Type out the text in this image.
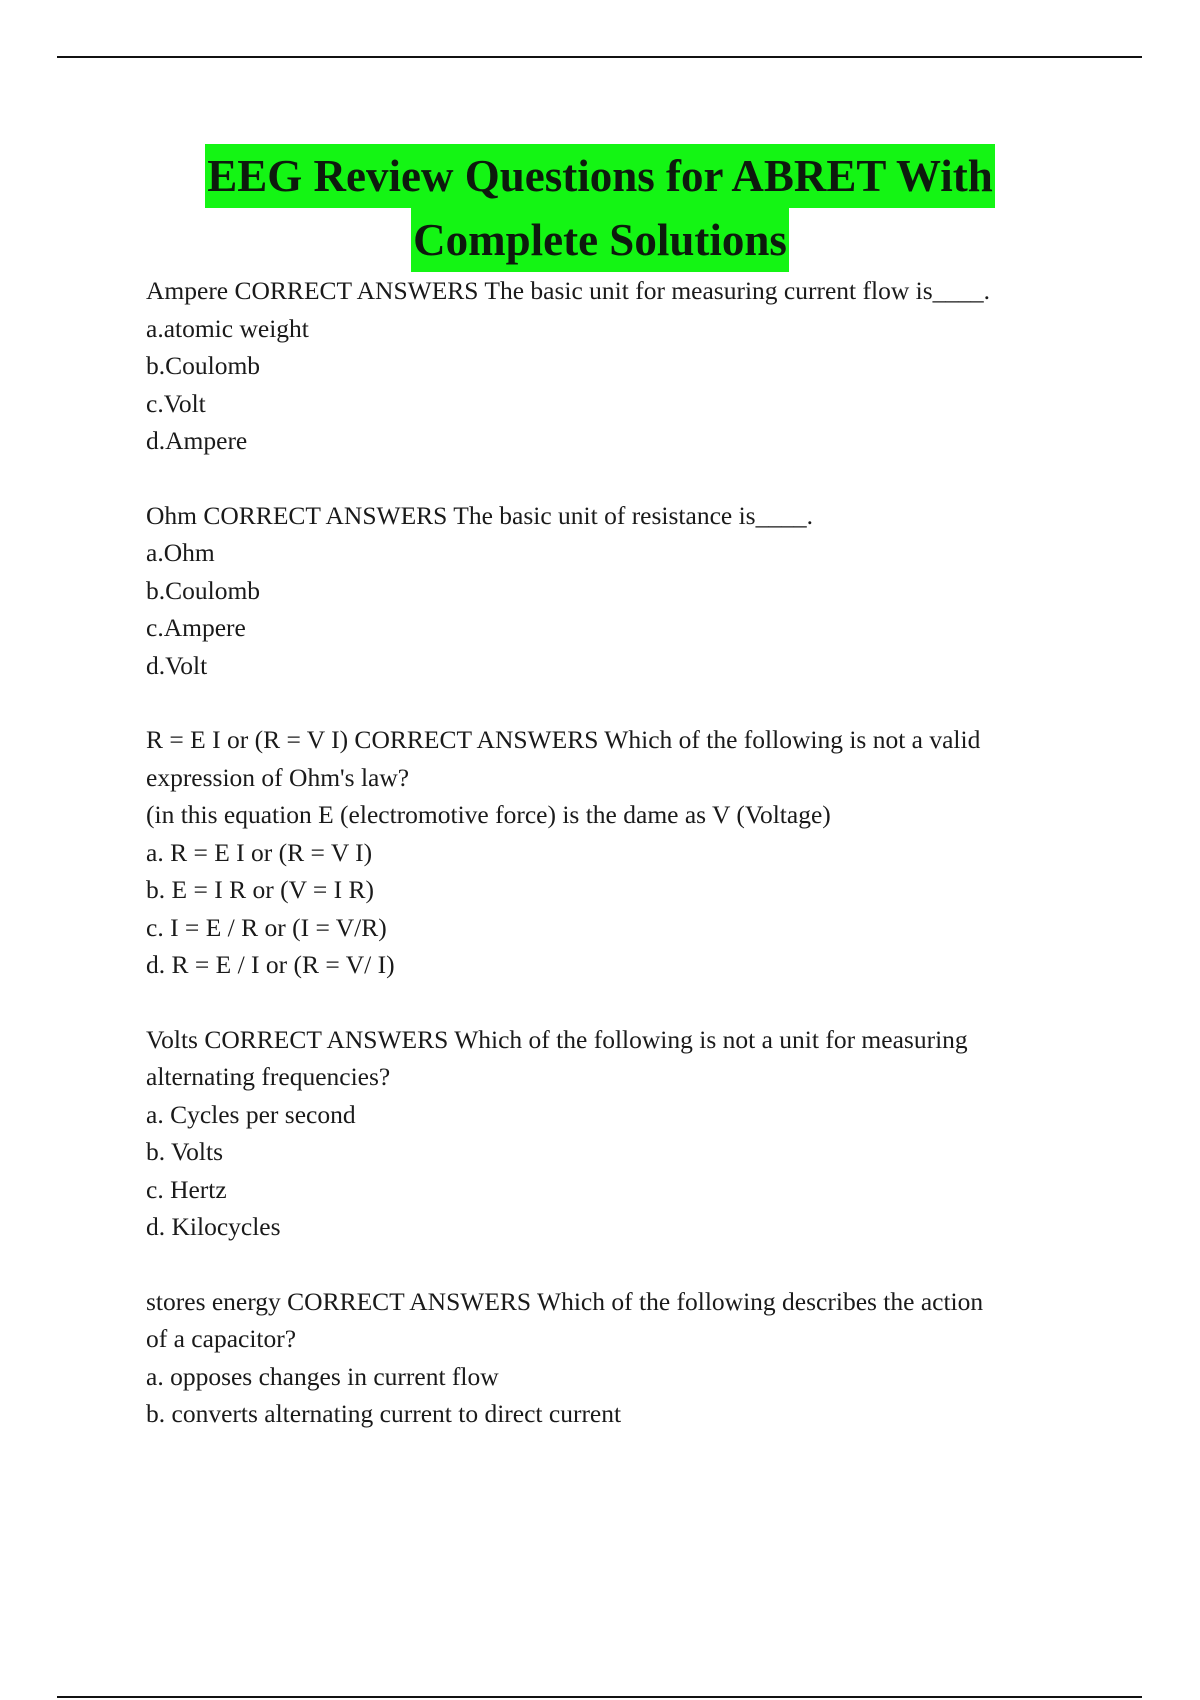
EEG Review Questions for ABRET With
Complete Solutions
Ampere CORRECT ANSWERS The basic unit for measuring current flow is____.
a.atomic weight
b.Coulomb
c.Volt
d.Ampere
Ohm CORRECT ANSWERS The basic unit of resistance is____.
a.Ohm
b.Coulomb
c.Ampere
d.Volt
R = E I or (R = V I) CORRECT ANSWERS Which of the following is not a valid
expression of Ohm's law?
(in this equation E (electromotive force) is the dame as V (Voltage)
a. R = E I or (R = V I)
b. E = I R or (V = I R)
c. I = E / R or (I = V/R)
d. R = E / I or (R = V/ I)
Volts CORRECT ANSWERS Which of the following is not a unit for measuring
alternating frequencies?
a. Cycles per second
b. Volts
c. Hertz
d. Kilocycles
stores energy CORRECT ANSWERS Which of the following describes the action
of a capacitor?
a. opposes changes in current flow
b. converts alternating current to direct current
